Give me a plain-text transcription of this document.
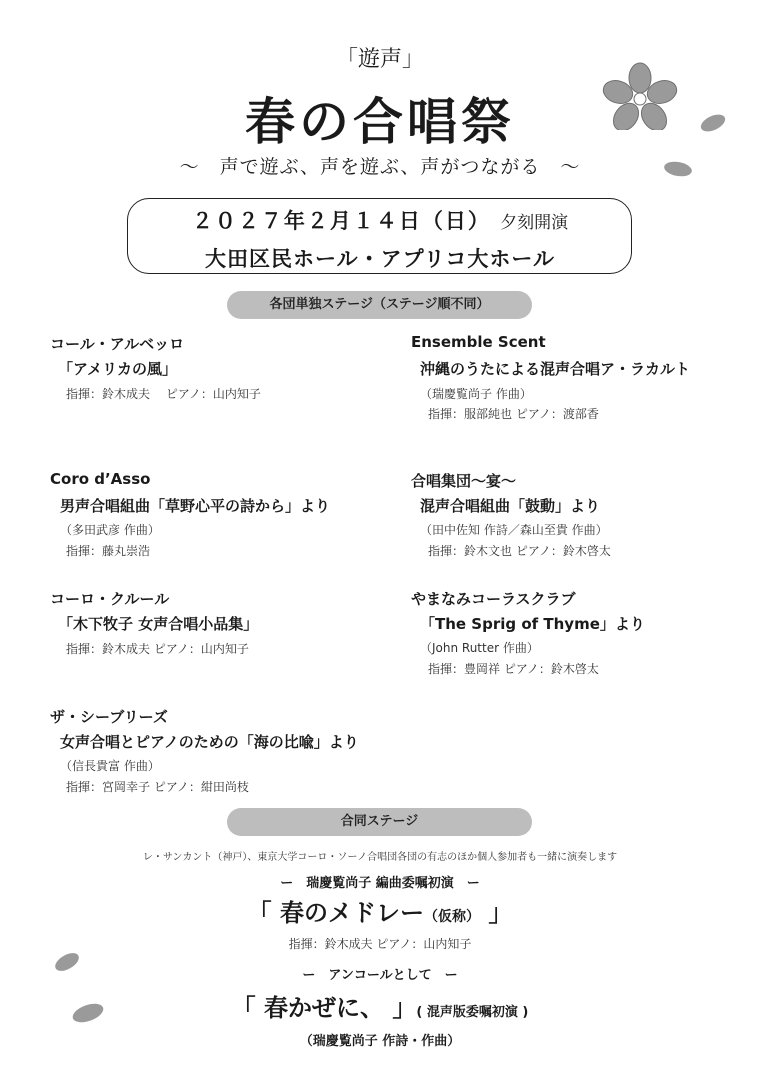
「遊声」
春の合唱祭
～　声で遊ぶ、声を遊ぶ、声がつながる　～
２０２７年２月１４日（日） 夕刻開演
大田区民ホール・アプリコ大ホール
各団単独ステージ（ステージ順不同）
コール・アルベッロ
「アメリカの風」
指揮：鈴木成夫　 ピアノ：山内知子
Ensemble Scent
沖縄のうたによる混声合唱ア・ラカルト
（瑞慶覧尚子 作曲）
指揮：服部純也 ピアノ：渡部香
Coro d’Asso
男声合唱組曲「草野心平の詩から」より
（多田武彦 作曲）
指揮：藤丸崇浩
合唱集団～宴～
混声合唱組曲「鼓動」より
（田中佐知 作詩／森山至貴 作曲）
指揮：鈴木文也 ピアノ：鈴木啓太
コーロ・クルール
「木下牧子 女声合唱小品集」
指揮：鈴木成夫 ピアノ：山内知子
やまなみコーラスクラブ
「The Sprig of Thyme」より
（John Rutter 作曲）
指揮：豊岡祥 ピアノ：鈴木啓太
ザ・シーブリーズ
女声合唱とピアノのための「海の比喩」より
（信長貴富 作曲）
指揮：宮岡幸子 ピアノ：紺田尚枝
合同ステージ
レ・サンカント（神戸）、東京大学コーロ・ソーノ合唱団各団の有志のほか個人参加者も一緒に演奏します
ー　瑞慶覧尚子 編曲委嘱初演　ー
「 春のメドレー（仮称） 」
指揮：鈴木成夫 ピアノ：山内知子
ー　アンコールとして　ー
「 春かぜに、 」( 混声版委嘱初演 )
（瑞慶覧尚子 作詩・作曲）
